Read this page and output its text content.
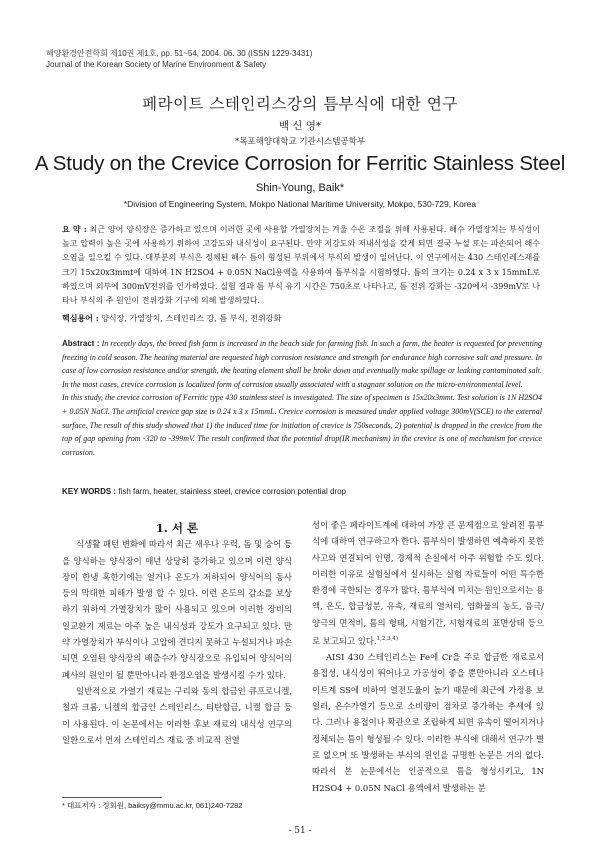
해양환경안전학회 제10권 제1호, pp. 51~54, 2004. 06. 30 (ISSN 1229-3431)
Journal of the Korean Society of Marine Environment & Safety
페라이트 스테인리스강의 틈부식에 대한 연구
백 신 영*
*목포해양대학교 기관시스템공학부
A Study on the Crevice Corrosion for Ferritic Stainless Steel
Shin-Young, Baik*
*Division of Engineering System, Mokpo National Maritime University, Mokpo, 530-729, Korea
요 약 : 최근 양어 양식장은 증가하고 있으며 이러한 곳에 사용할 가열장치는 겨울 수온 조절을 위해 사용된다. 해수 가열장치는 부식성이 높고 압력이 높은 곳에 사용하기 위하여 고강도와 내식성이 요구된다. 만약 저강도와 저내식성을 갖게 되면 결국 누설 또는 파손되어 해수오염을 일으킬 수 있다. 대부분의 부식은 정체된 해수 틈이 형성된 부위에서 부식의 발생이 일어난다. 이 연구에서는 430 스테인레스재를 크기 15x20x3mmt에 대하여 1N H2SO4 + 0.05N NaCl용액을 사용하여 틈부식을 시험하였다. 틈의 크기는 0.24 x 3 x 15mmL로 하였으며 외부에 300mV전위를 인가하였다. 실험 결과 틈 부식 유기 시간은 750초로 나타나고, 틈 전위 강화는 -320에서 -399mV로 나타나 부식의 주 원인이 전위강화 기구에 의해 발생하였다.
핵심용어 : 양식장, 가열장치, 스테인리스 강, 틈 부식, 전위강화

Abstract : In recently days, the breed fish farm is increased in the beach side for farming fish. In such a farm, the heater is requested for preventing freezing in cold season. The heating material are requested high corrosion resistance and strength for endurance high corrosive salt and pressure. In case of low corrosion resistance and/or strength, the heating element shall be broke down and eventually make spillage or leaking contaminated salt. In the most cases, crevice corrosion is localized form of corrosion usually associated with a stagnant solution on the micro-environmental level.

In this study, the crevice corrosion of Ferritic type 430 stainless steel is investigated. The size of specimen is 15x20x3mmt. Test solution is 1N H2SO4 + 0.05N NaCl. The artificial crevice gap size is 0.24 x 3 x 15mmL. Crevice corrosion is measured under applied voltage 300mV(SCE) to the external surface. The result of this study showed that 1) the induced time for initiation of crevice is 750seconds, 2) potential is dropped in the crevice from the top of gap opening from -320 to -399mV. The result confirmed that the potential drop(IR mechanism) in the crevice is one of mechanism for crevice corrosion.

KEY WORDS : fish farm, heater, stainless steel, crevice corrosion potential drop

1. 서 론

식생활 패턴 변화에 따라서 최근 새우나 우럭, 돔 및 숭어 등을 양식하는 양식장이 매년 상당히 증가하고 있으며 이런 양식장이 한냉 혹한기에는 얼거나 온도가 저하되어 양식어의 동사 등의 막대한 피해가 발생 할 수 있다. 이런 온도의 감소를 보상하기 위하여 가열장치가 많이 사용되고 있으며 이러한 장비의 일교환기 재료는 아주 높은 내식성과 강도가 요구되고 있다. 만약 가열장치가 부식이나 고압에 견디지 못하고 누설되거나 파손되면 오염된 양식장의 배출수가 양식장으로 유입되어 양식어의 폐사의 원인이 될 뿐만아니라 환경오염을 발생시킬 수가 있다.

일반적으로 가열기 재료는 구리와 동의 합금인 큐프로니켈, 철과 크롬, 니켈의 합금인 스테인리스, 티탄합금, 니켈 합금 등이 사용된다. 이 논문에서는 이러한 후보 재료의 내식성 연구의 일환으로서 먼저 스테인리스 재료 중 비교적 전열

성이 좋은 페라이트계에 대하여 가장 큰 문제점으로 알려진 틈부식에 대하여 연구하고자 한다. 틈부식이 발생하면 예측하지 못한 사고와 연결되어 인명, 경제적 손실에서 아주 위험할 수도 있다. 이러한 이유로 실험실에서 실시하는 실험 자료들이 어떤 특수한 환경에 국한되는 경우가 많다. 틈부식에 미치는 원인으로서는 용액, 온도, 합금성분, 유속, 재료의 열처리, 염화물의 농도, 음극/양극의 면적비, 틈의 형태, 시험기간, 시험재료의 표면상태 등으로 보고되고 있다.$^{1,2,3,4)}$

AISI 430 스테인리스는 Fe에 Cr을 주로 합금한 재료로서 용접성, 내식성이 뛰어나고 가공성이 좋을 뿐만아니라 오스테나이트계 SS에 비하여 열전도율이 높기 때문에 최근에 가정용 보일러, 온수가열기 등으로 소비량이 점차로 증가하는 추세에 있다. 그러나 용접이나 확관으로 조립하게 되면 유속이 떨어지거나 정체되는 틈이 형성될 수 있다. 이러한 부식에 대해서 연구가 별로 없으며 또 발생하는 부식의 원인을 규명한 논문은 거의 없다. 따라서 본 논문에서는 인공적으로 틈을 형성시키고, 1N H2SO4 + 0.05N NaCl 용액에서 발생하는 분

* 대표저자 : 정회원, baiksy@mmu.ac.kr, 061)240-7282
- 51 -
